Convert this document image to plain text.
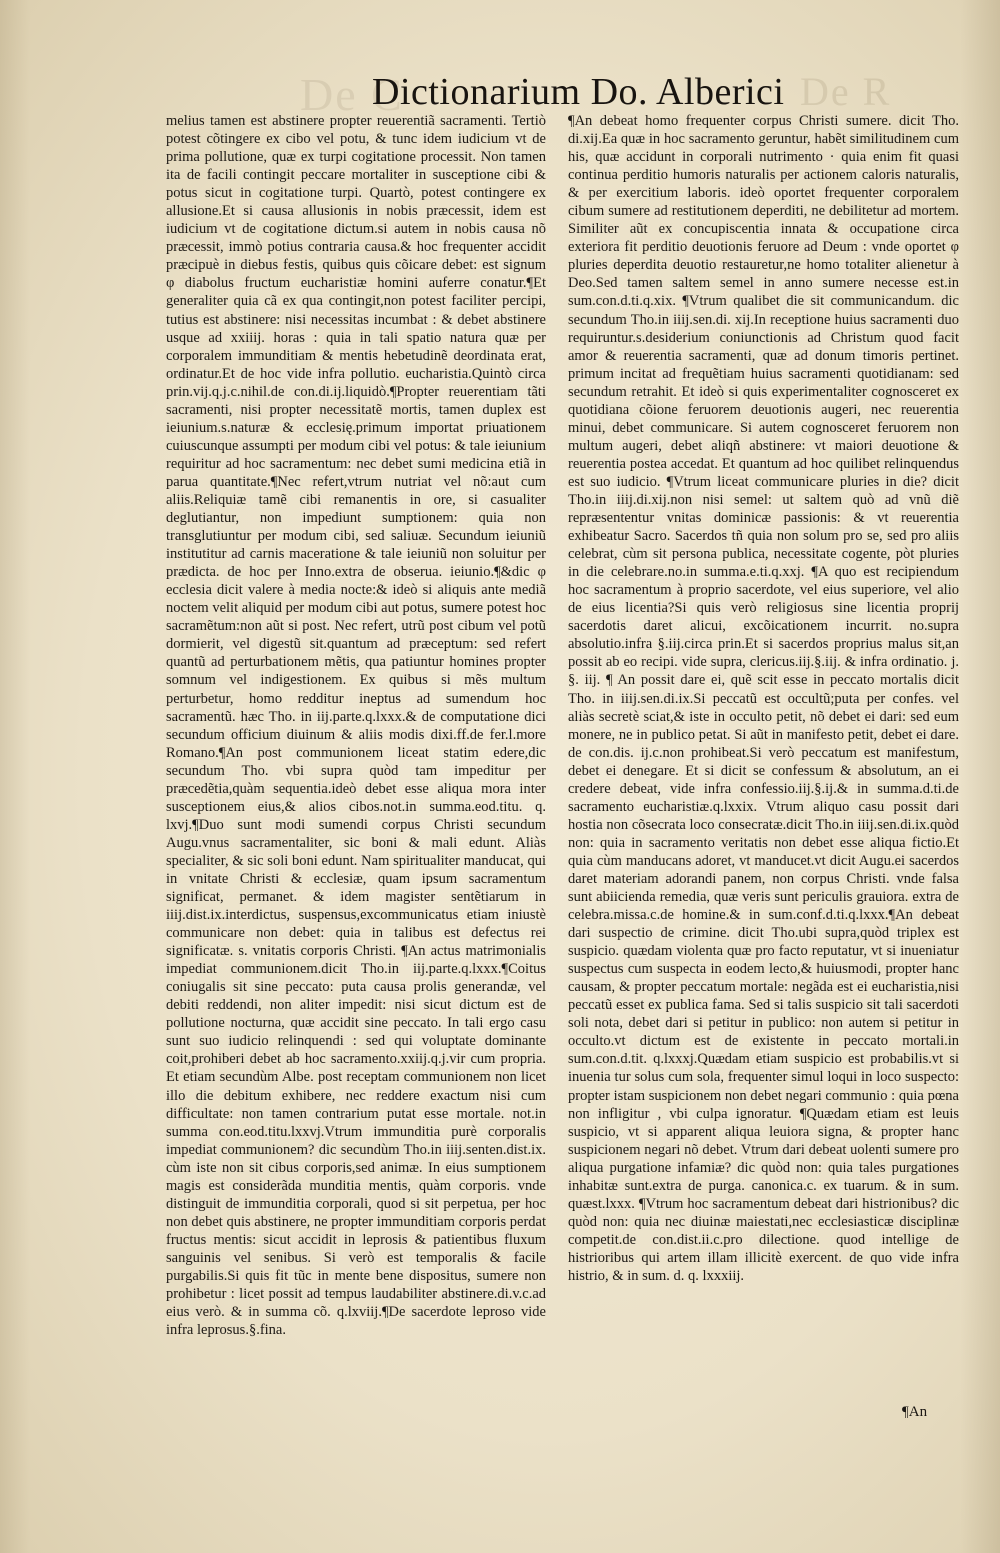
De C	De R
Dictionarium Do. Alberici

melius tamen est abstinere propter reuerentiã sacramenti. Tertiò potest cõtingere ex cibo vel potu, & tunc idem iudicium vt de prima pollutione, quæ ex turpi cogitatione processit. Non tamen ita de facili contingit peccare mortaliter in susceptione cibi & potus sicut in cogitatione turpi. Quartò, potest contingere ex allusione.Et si causa allusionis in nobis præcessit, idem est iudicium vt de cogitatione dictum.si autem in nobis causa nõ præcessit, immò potius contraria causa.& hoc frequenter accidit præcipuè in diebus festis, quibus quis cõicare debet: est signum φ diabolus fructum eucharistiæ homini auferre conatur.¶Et generaliter quia cã ex qua contingit,non potest faciliter percipi, tutius est abstinere: nisi necessitas incumbat : & debet abstinere usque ad xxiiij. horas : quia in tali spatio natura quæ per corporalem immunditiam & mentis hebetudinẽ deordinata erat, ordinatur.Et de hoc vide infra pollutio. eucharistia.Quintò circa prin.vij.q.j.c.nihil.de con.di.ij.liquidò.¶Propter reuerentiam tãti sacramenti, nisi propter necessitatẽ mortis, tamen duplex est ieiunium.s.naturæ & ecclesię.primum importat priuationem cuiuscunque assumpti per modum cibi vel potus: & tale ieiunium requiritur ad hoc sacramentum: nec debet sumi medicina etiã in parua quantitate.¶Nec refert,vtrum nutriat vel nõ:aut cum aliis.Reliquiæ tamẽ cibi remanentis in ore, si casualiter deglutiantur, non impediunt sumptionem: quia non transglutiuntur per modum cibi, sed saliuæ. Secundum ieiuniũ institutitur ad carnis maceratione & tale ieiuniũ non soluitur per prædicta. de hoc per Inno.extra de obserua. ieiunio.¶&dic φ ecclesia dicit valere à media nocte:& ideò si aliquis ante mediã noctem velit aliquid per modum cibi aut potus, sumere potest hoc sacramẽtum:non aũt si post. Nec refert, utrũ post cibum vel potũ dormierit, vel digestũ sit.quantum ad præceptum: sed refert quantũ ad perturbationem mẽtis, qua patiuntur homines propter somnum vel indigestionem. Ex quibus si mẽs multum perturbetur, homo redditur ineptus ad sumendum hoc sacramentũ. hæc Tho. in iij.parte.q.lxxx.& de computatione dici secundum officium diuinum & aliis modis dixi.ff.de fer.l.more Romano.¶An post communionem liceat statim edere,dic secundum Tho. vbi supra quòd tam impeditur per præcedẽtia,quàm sequentia.ideò debet esse aliqua mora inter susceptionem eius,& alios cibos.not.in summa.eod.titu. q. lxvj.¶Duo sunt modi sumendi corpus Christi secundum Augu.vnus sacramentaliter, sic boni & mali edunt. Aliàs specialiter, & sic soli boni edunt. Nam spiritualiter manducat, qui in vnitate Christi & ecclesiæ, quam ipsum sacramentum significat, permanet. & idem magister sentẽtiarum in iiij.dist.ix.interdictus, suspensus,excommunicatus etiam iniustè communicare non debet: quia in talibus est defectus rei significatæ. s. vnitatis corporis Christi. ¶An actus matrimonialis impediat communionem.dicit Tho.in iij.parte.q.lxxx.¶Coitus coniugalis sit sine peccato: puta causa prolis generandæ, vel debiti reddendi, non aliter impedit: nisi sicut dictum est de pollutione nocturna, quæ accidit sine peccato. In tali ergo casu sunt suo iudicio relinquendi : sed qui voluptate dominante coit,prohiberi debet ab hoc sacramento.xxiij.q.j.vir cum propria. Et etiam secundùm Albe. post receptam communionem non licet illo die debitum exhibere, nec reddere exactum nisi cum difficultate: non tamen contrarium putat esse mortale. not.in summa con.eod.titu.lxxvj.Vtrum immunditia purè corporalis impediat communionem? dic secundùm Tho.in iiij.senten.dist.ix. cùm iste non sit cibus corporis,sed animæ. In eius sumptionem magis est considerãda munditia mentis, quàm corporis. vnde distinguit de immunditia corporali, quod si sit perpetua, per hoc non debet quis abstinere, ne propter immunditiam corporis perdat fructus mentis: sicut accidit in leprosis & patientibus fluxum sanguinis vel senibus. Si verò est temporalis & facile purgabilis.Si quis fit tũc in mente bene dispositus, sumere non prohibetur : licet possit ad tempus laudabiliter abstinere.di.v.c.ad eius verò. & in summa cõ. q.lxviij.¶De sacerdote leproso vide infra leprosus.§.fina.

¶An debeat homo frequenter corpus Christi sumere. dicit Tho. di.xij.Ea quæ in hoc sacramento geruntur, habẽt similitudinem cum his, quæ accidunt in corporali nutrimento · quia enim fit quasi continua perditio humoris naturalis per actionem caloris naturalis, & per exercitium laboris. ideò oportet frequenter corporalem cibum sumere ad restitutionem deperditi, ne debilitetur ad mortem. Similiter aũt ex concupiscentia innata & occupatione circa exteriora fit perditio deuotionis feruore ad Deum : vnde oportet φ pluries deperdita deuotio restauretur,ne homo totaliter alienetur à Deo.Sed tamen saltem semel in anno sumere necesse est.in sum.con.d.ti.q.xix. ¶Vtrum qualibet die sit communicandum. dic secundum Tho.in iiij.sen.di. xij.In receptione huius sacramenti duo requiruntur.s.desiderium coniunctionis ad Christum quod facit amor & reuerentia sacramenti, quæ ad donum timoris pertinet. primum incitat ad frequẽtiam huius sacramenti quotidianam: sed secundum retrahit. Et ideò si quis experimentaliter cognosceret ex quotidiana cõione feruorem deuotionis augeri, nec reuerentia minui, debet communicare. Si autem cognosceret feruorem non multum augeri, debet aliqñ abstinere: vt maiori deuotione & reuerentia postea accedat. Et quantum ad hoc quilibet relinquendus est suo iudicio. ¶Vtrum liceat communicare pluries in die? dicit Tho.in iiij.di.xij.non nisi semel: ut saltem quò ad vnũ diẽ repræsententur vnitas dominicæ passionis: & vt reuerentia exhibeatur Sacro. Sacerdos tñ quia non solum pro se, sed pro aliis celebrat, cùm sit persona publica, necessitate cogente, pòt pluries in die celebrare.no.in summa.e.ti.q.xxj. ¶A quo est recipiendum hoc sacramentum à proprio sacerdote, vel eius superiore, vel alio de eius licentia?Si quis verò religiosus sine licentia proprij sacerdotis daret alicui, excõicationem incurrit. no.supra absolutio.infra §.iij.circa prin.Et si sacerdos proprius malus sit,an possit ab eo recipi. vide supra, clericus.iij.§.iij. & infra ordinatio. j. §. iij. ¶ An possit dare ei, quẽ scit esse in peccato mortalis dicit Tho. in iiij.sen.di.ix.Si peccatũ est occultũ;puta per confes. vel aliàs secretè sciat,& iste in occulto petit, nõ debet ei dari: sed eum monere, ne in publico petat. Si aũt in manifesto petit, debet ei dare. de con.dis. ij.c.non prohibeat.Si verò peccatum est manifestum, debet ei denegare. Et si dicit se confessum & absolutum, an ei credere debeat, vide infra confessio.iij.§.ij.& in summa.d.ti.de sacramento eucharistiæ.q.lxxix. Vtrum aliquo casu possit dari hostia non cõsecrata loco consecratæ.dicit Tho.in iiij.sen.di.ix.quòd non: quia in sacramento veritatis non debet esse aliqua fictio.Et quia cùm manducans adoret, vt manducet.vt dicit Augu.ei sacerdos daret materiam adorandi panem, non corpus Christi. vnde falsa sunt abiicienda remedia, quæ veris sunt periculis grauiora. extra de celebra.missa.c.de homine.& in sum.conf.d.ti.q.lxxx.¶An debeat dari suspectio de crimine. dicit Tho.ubi supra,quòd triplex est suspicio. quædam violenta quæ pro facto reputatur, vt si inueniatur suspectus cum suspecta in eodem lecto,& huiusmodi, propter hanc causam, & propter peccatum mortale: negãda est ei eucharistia,nisi peccatũ esset ex publica fama. Sed si talis suspicio sit tali sacerdoti soli nota, debet dari si petitur in publico: non autem si petitur in occulto.vt dictum est de existente in peccato mortali.in sum.con.d.tit. q.lxxxj.Quædam etiam suspicio est probabilis.vt si inuenia tur solus cum sola, frequenter simul loqui in loco suspecto: propter istam suspicionem non debet negari communio : quia pœna non infligitur , vbi culpa ignoratur. ¶Quædam etiam est leuis suspicio, vt si apparent aliqua leuiora signa, & propter hanc suspicionem negari nõ debet. Vtrum dari debeat uolenti sumere pro aliqua purgatione infamiæ? dic quòd non: quia tales purgationes inhabitæ sunt.extra de purga. canonica.c. ex tuarum. & in sum. quæst.lxxx. ¶Vtrum hoc sacramentum debeat dari histrionibus? dic quòd non: quia nec diuinæ maiestati,nec ecclesiasticæ disciplinæ competit.de con.dist.ii.c.pro dilectione. quod intellige de histrioribus qui artem illam illicitè exercent. de quo vide infra histrio, & in sum. d. q. lxxxiij.

¶An
